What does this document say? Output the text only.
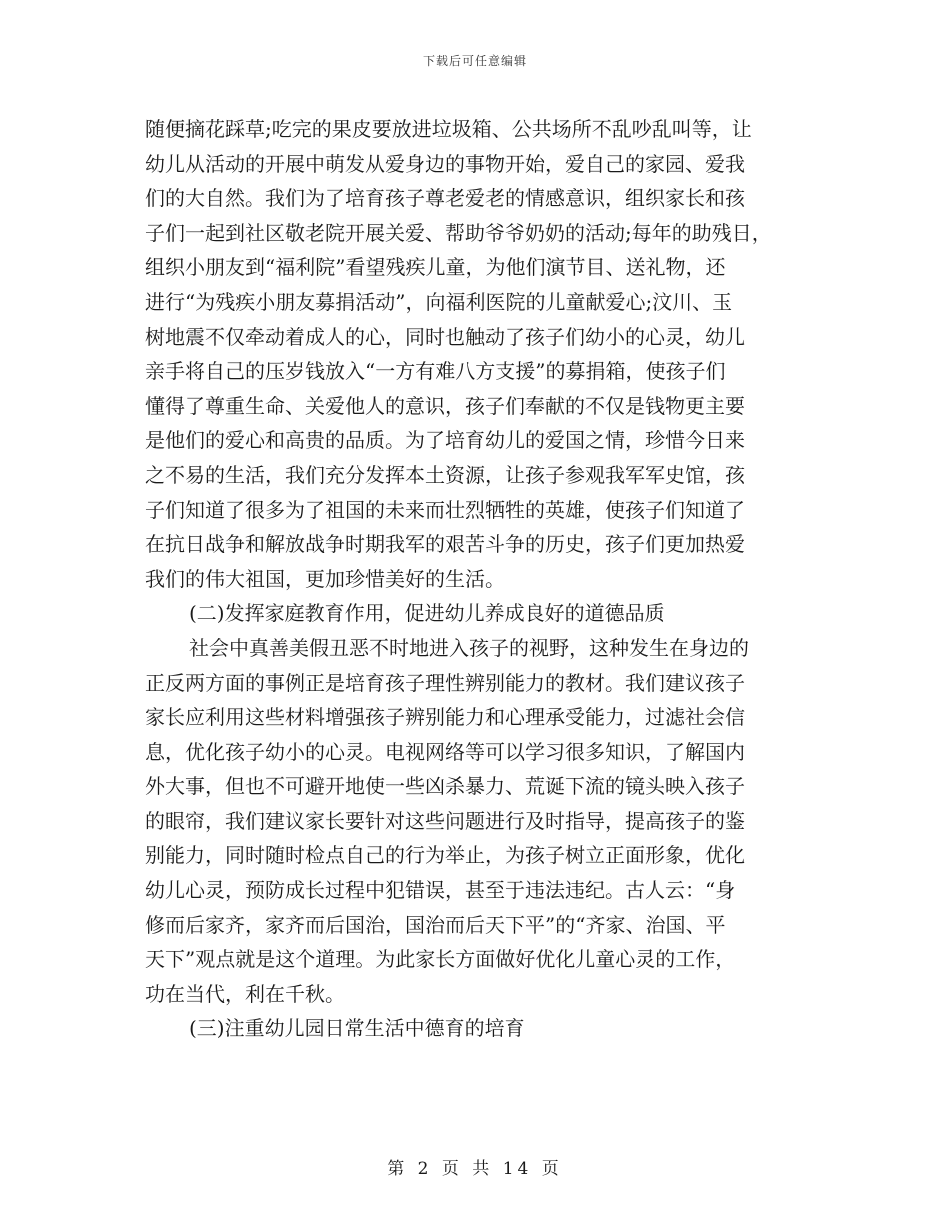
下载后可任意编辑
随便摘花踩草;吃完的果皮要放进垃圾箱、公共场所不乱吵乱叫等，让
幼儿从活动的开展中萌发从爱身边的事物开始，爱自己的家园、爱我
们的大自然。我们为了培育孩子尊老爱老的情感意识，组织家长和孩
子们一起到社区敬老院开展关爱、帮助爷爷奶奶的活动;每年的助残日，
组织小朋友到“福利院”看望残疾儿童，为他们演节目、送礼物，还
进行“为残疾小朋友募捐活动”，向福利医院的儿童献爱心;汶川、玉
树地震不仅牵动着成人的心，同时也触动了孩子们幼小的心灵，幼儿
亲手将自己的压岁钱放入“一方有难八方支援”的募捐箱，使孩子们
懂得了尊重生命、关爱他人的意识，孩子们奉献的不仅是钱物更主要
是他们的爱心和高贵的品质。为了培育幼儿的爱国之情，珍惜今日来
之不易的生活，我们充分发挥本土资源，让孩子参观我军军史馆，孩
子们知道了很多为了祖国的未来而壮烈牺牲的英雄，使孩子们知道了
在抗日战争和解放战争时期我军的艰苦斗争的历史，孩子们更加热爱
我们的伟大祖国，更加珍惜美好的生活。
(二)发挥家庭教育作用，促进幼儿养成良好的道德品质
社会中真善美假丑恶不时地进入孩子的视野，这种发生在身边的
正反两方面的事例正是培育孩子理性辨别能力的教材。我们建议孩子
家长应利用这些材料增强孩子辨别能力和心理承受能力，过滤社会信
息，优化孩子幼小的心灵。电视网络等可以学习很多知识，了解国内
外大事，但也不可避开地使一些凶杀暴力、荒诞下流的镜头映入孩子
的眼帘，我们建议家长要针对这些问题进行及时指导，提高孩子的鉴
别能力，同时随时检点自己的行为举止，为孩子树立正面形象，优化
幼儿心灵，预防成长过程中犯错误，甚至于违法违纪。古人云：“身
修而后家齐，家齐而后国治，国治而后天下平”的“齐家、治国、平
天下”观点就是这个道理。为此家长方面做好优化儿童心灵的工作，
功在当代，利在千秋。
(三)注重幼儿园日常生活中德育的培育
第 2 页 共 14 页
